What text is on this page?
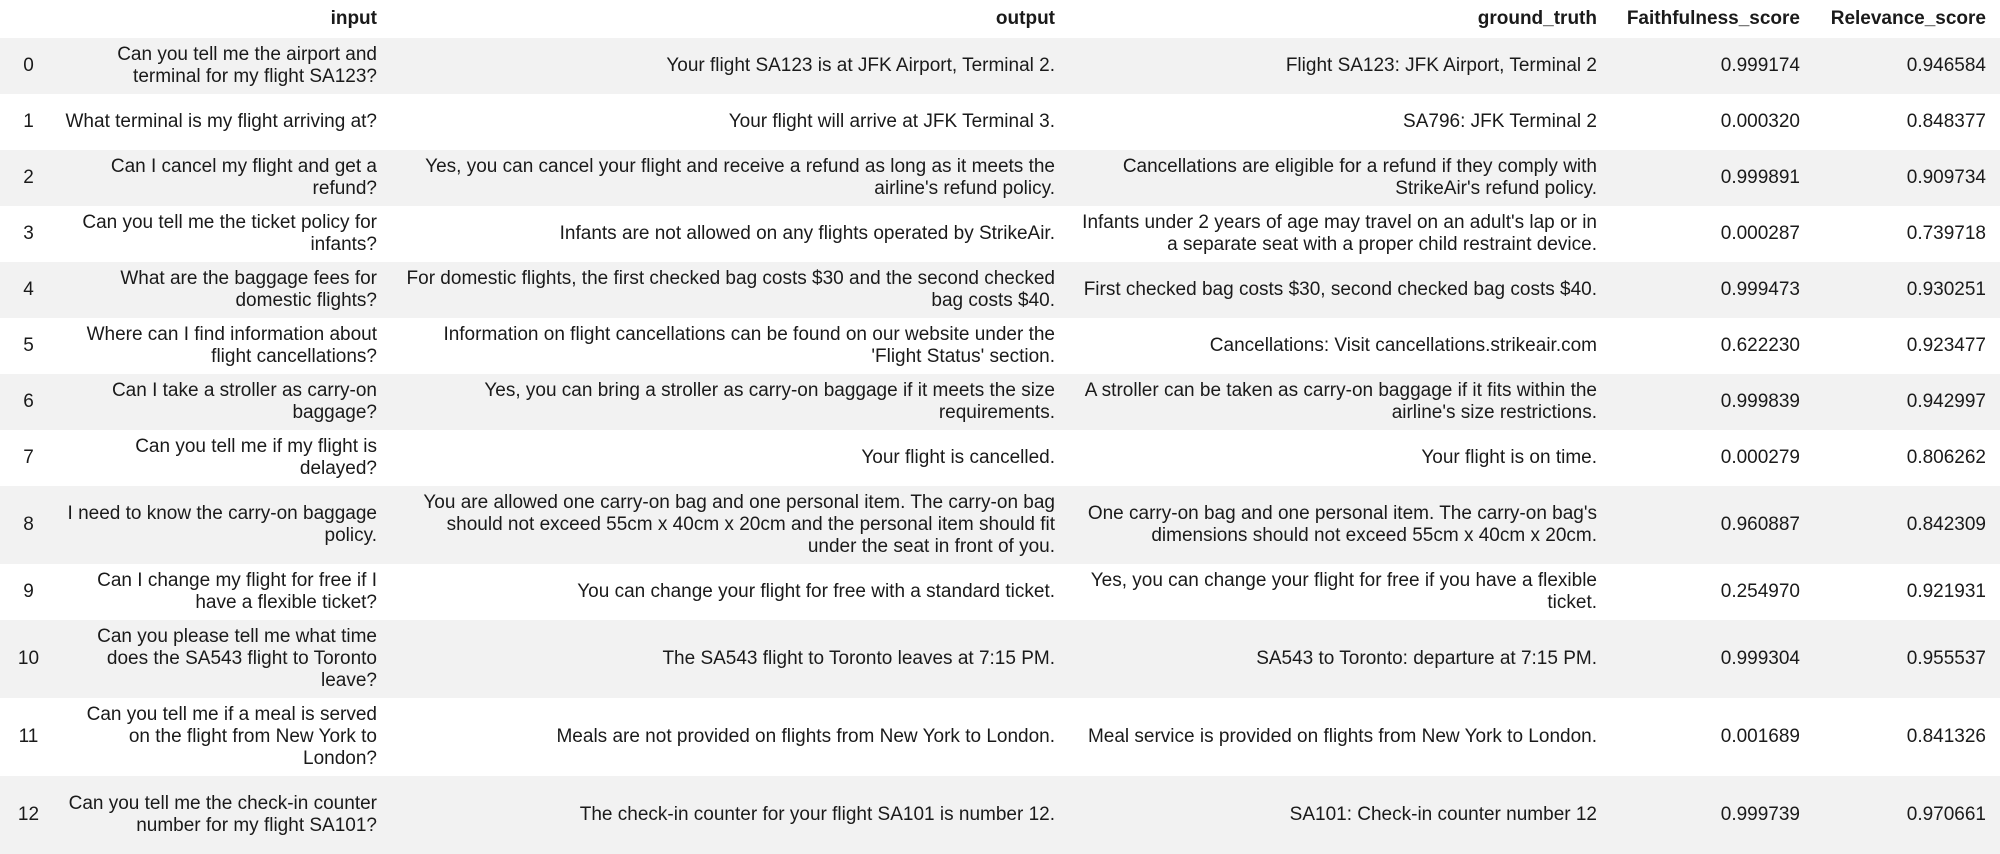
	input	output	ground_truth	Faithfulness_score	Relevance_score
0	Can you tell me the airport and terminal for my flight SA123?	Your flight SA123 is at JFK Airport, Terminal 2.	Flight SA123: JFK Airport, Terminal 2	0.999174	0.946584
1	What terminal is my flight arriving at?	Your flight will arrive at JFK Terminal 3.	SA796: JFK Terminal 2	0.000320	0.848377
2	Can I cancel my flight and get a refund?	Yes, you can cancel your flight and receive a refund as long as it meets the airline's refund policy.	Cancellations are eligible for a refund if they comply with StrikeAir's refund policy.	0.999891	0.909734
3	Can you tell me the ticket policy for infants?	Infants are not allowed on any flights operated by StrikeAir.	Infants under 2 years of age may travel on an adult's lap or in a separate seat with a proper child restraint device.	0.000287	0.739718
4	What are the baggage fees for domestic flights?	For domestic flights, the first checked bag costs $30 and the second checked bag costs $40.	First checked bag costs $30, second checked bag costs $40.	0.999473	0.930251
5	Where can I find information about flight cancellations?	Information on flight cancellations can be found on our website under the 'Flight Status' section.	Cancellations: Visit cancellations.strikeair.com	0.622230	0.923477
6	Can I take a stroller as carry-on baggage?	Yes, you can bring a stroller as carry-on baggage if it meets the size requirements.	A stroller can be taken as carry-on baggage if it fits within the airline's size restrictions.	0.999839	0.942997
7	Can you tell me if my flight is delayed?	Your flight is cancelled.	Your flight is on time.	0.000279	0.806262
8	I need to know the carry-on baggage policy.	You are allowed one carry-on bag and one personal item. The carry-on bag should not exceed 55cm x 40cm x 20cm and the personal item should fit under the seat in front of you.	One carry-on bag and one personal item. The carry-on bag's dimensions should not exceed 55cm x 40cm x 20cm.	0.960887	0.842309
9	Can I change my flight for free if I have a flexible ticket?	You can change your flight for free with a standard ticket.	Yes, you can change your flight for free if you have a flexible ticket.	0.254970	0.921931
10	Can you please tell me what time does the SA543 flight to Toronto leave?	The SA543 flight to Toronto leaves at 7:15 PM.	SA543 to Toronto: departure at 7:15 PM.	0.999304	0.955537
11	Can you tell me if a meal is served on the flight from New York to London?	Meals are not provided on flights from New York to London.	Meal service is provided on flights from New York to London.	0.001689	0.841326
12	Can you tell me the check-in counter number for my flight SA101?	The check-in counter for your flight SA101 is number 12.	SA101: Check-in counter number 12	0.999739	0.970661
